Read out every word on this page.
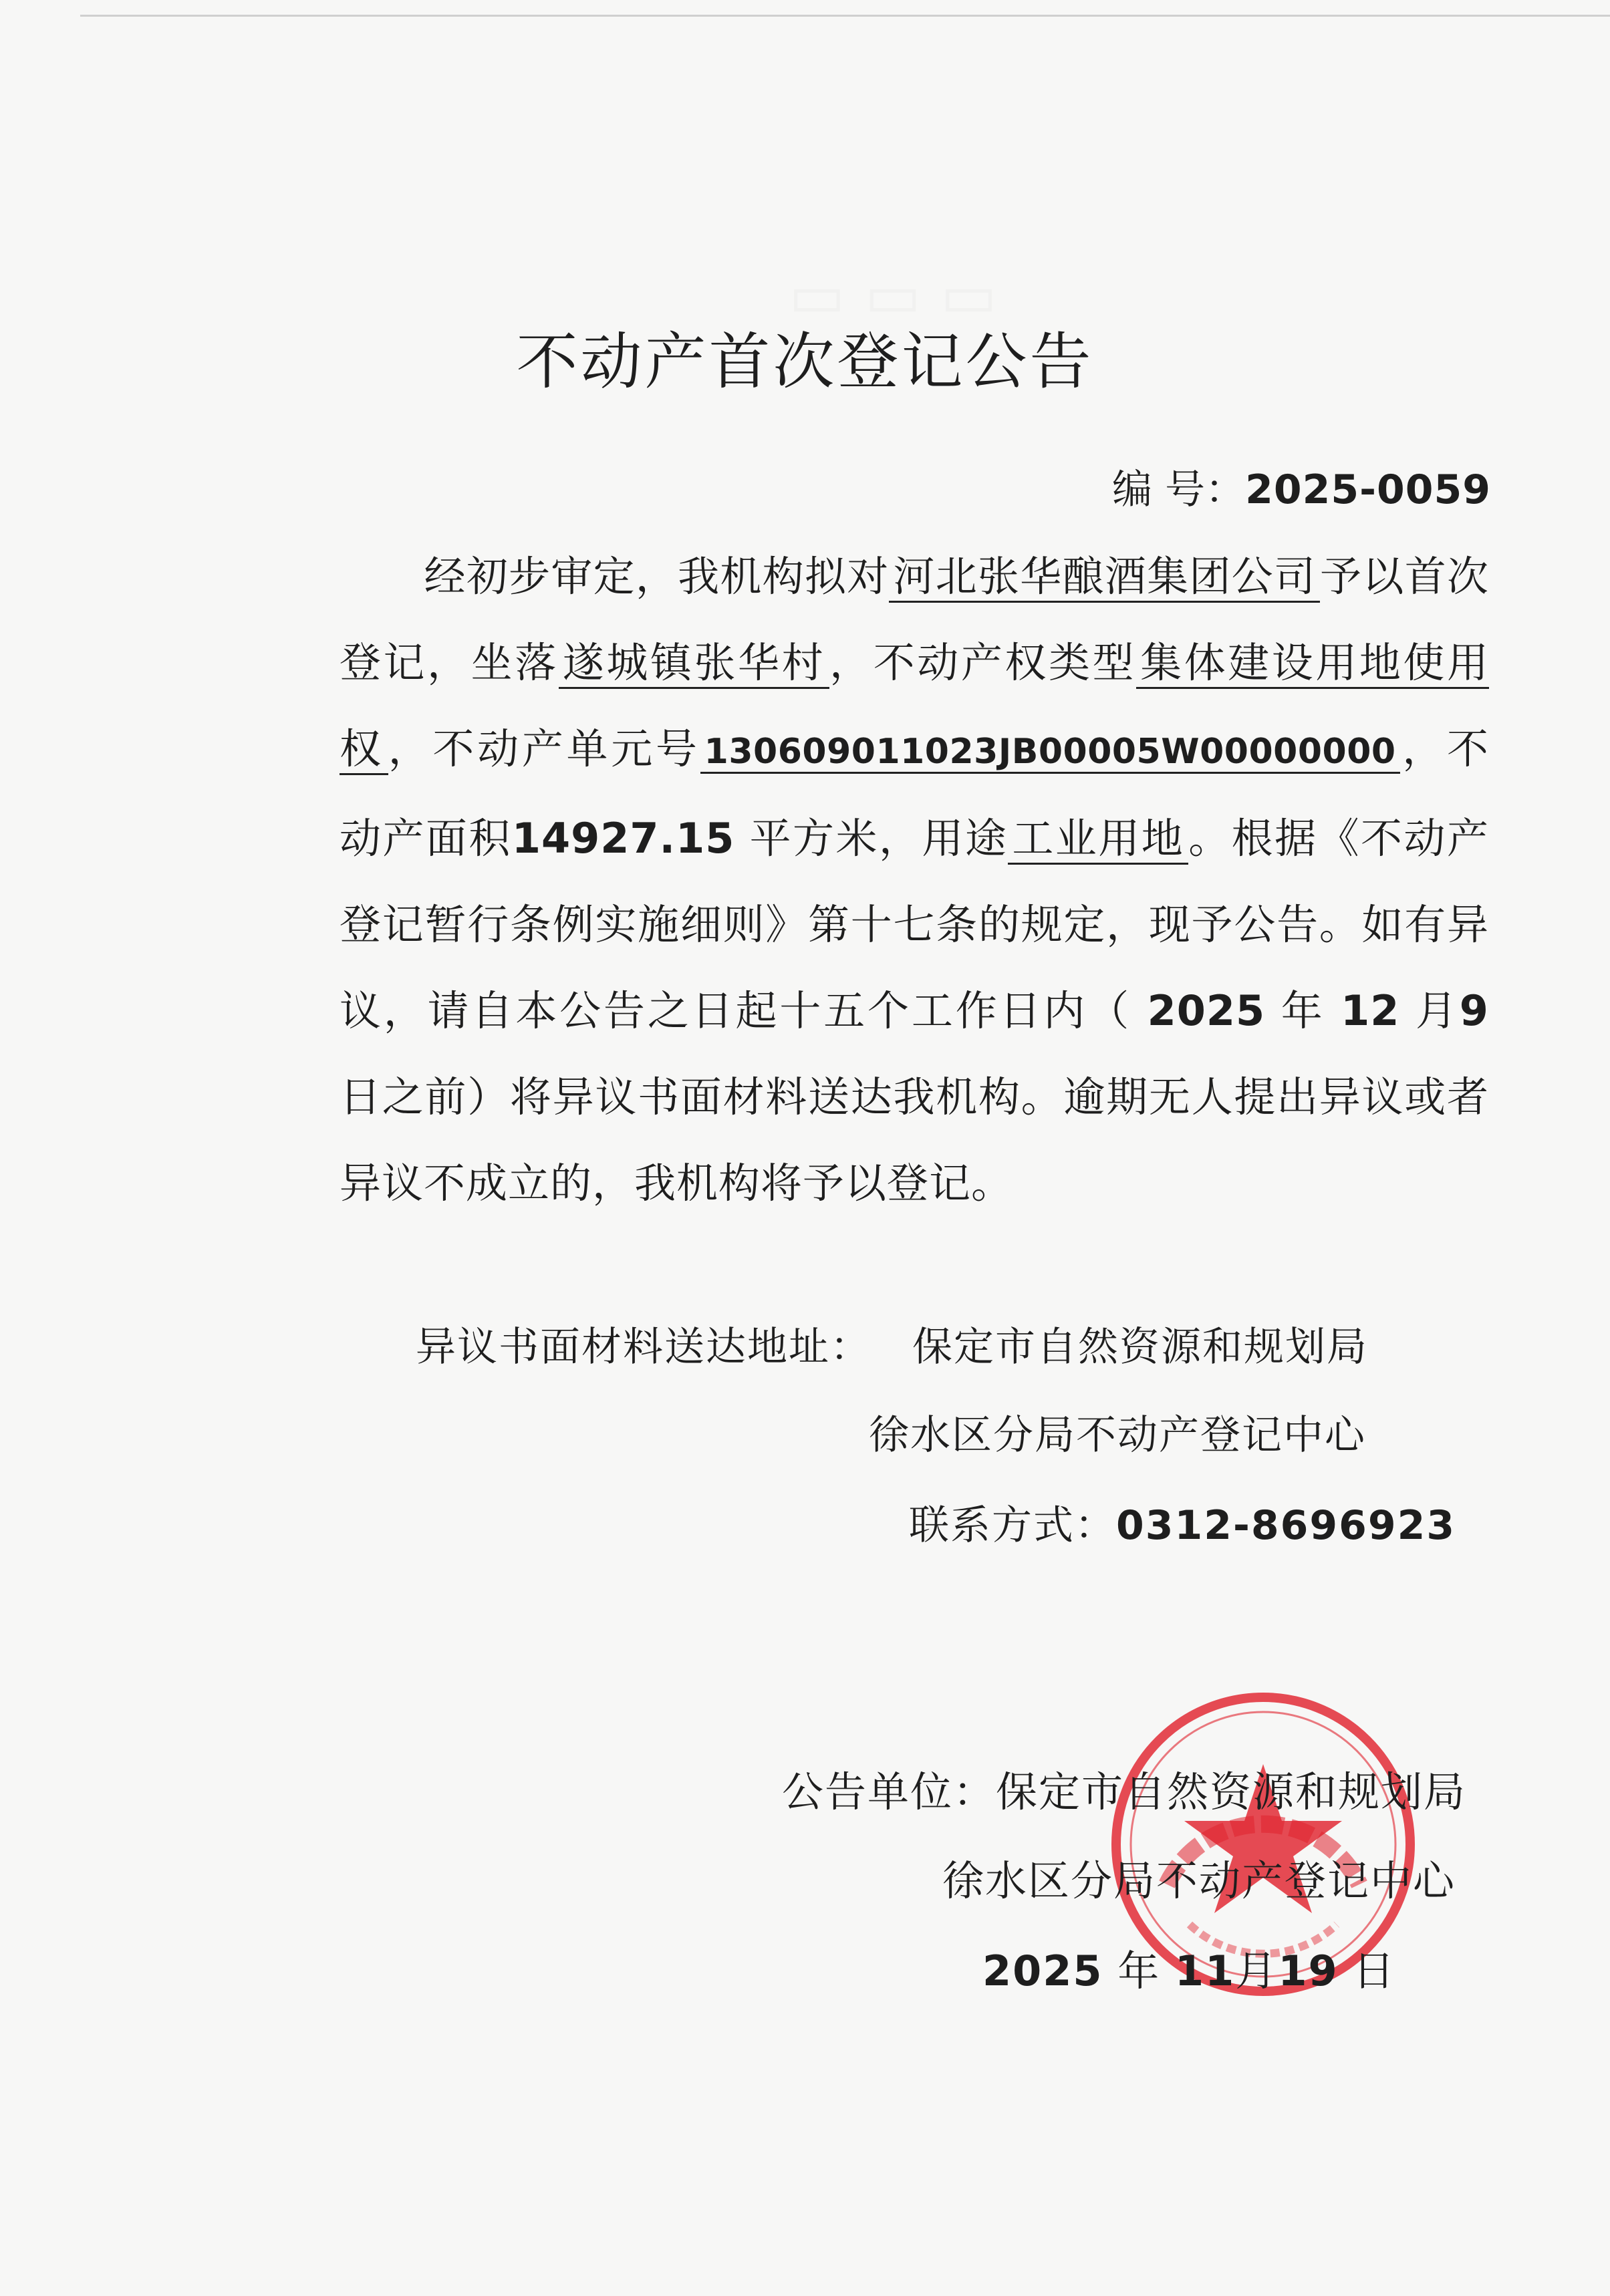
▭ ▭ ▭
不动产首次登记公告
编 号：2025-0059
　　经初步审定，我机构拟对河北张华酿酒集团公司予以首次登记，坐落遂城镇张华村，不动产权类型集体建设用地使用权，不动产单元号 130609011023JB00005W00000000，不动产面积14927.15 平方米，用途工业用地。根据《不动产登记暂行条例实施细则》第十七条的规定，现予公告。如有异议，请自本公告之日起十五个工作日内（ 2025 年 12 月9 日之前）将异议书面材料送达我机构。逾期无人提出异议或者异议不成立的，我机构将予以登记。
异议书面材料送达地址： 保定市自然资源和规划局
徐水区分局不动产登记中心
联系方式：0312-8696923
公告单位：保定市自然资源和规划局
徐水区分局不动产登记中心
2025 年 11月19 日
